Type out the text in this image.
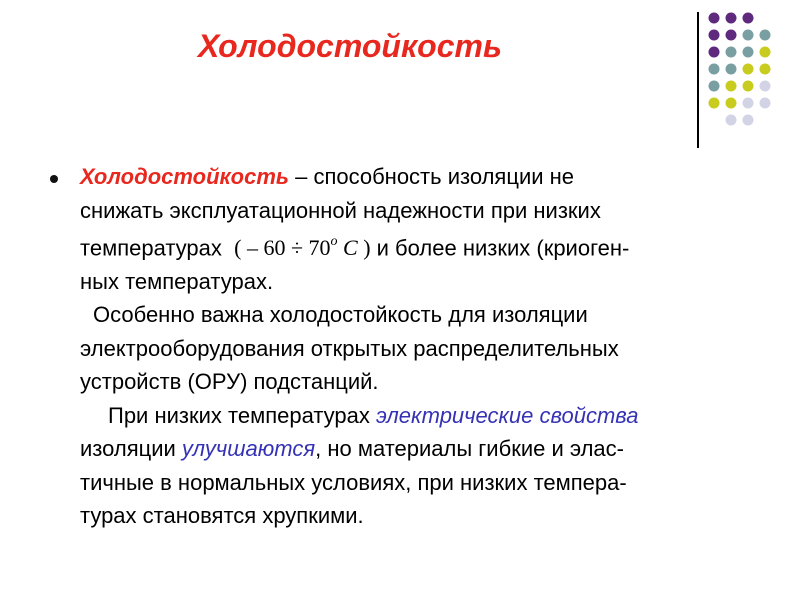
Холодостойкость

Холодостойкость – способность изоляции не

снижать эксплуатационной надежности при низких

температурах  ( – $60 \div 70^o$ C ) и более низких (криоген-

ных температурах.

Особенно важна холодостойкость для изоляции

электрооборудования открытых распределительных

устройств (ОРУ) подстанций.

При низких температурах электрические свойства

изоляции улучшаются, но материалы гибкие и элас-

тичные в нормальных условиях, при низких темпера-

турах становятся хрупкими.
